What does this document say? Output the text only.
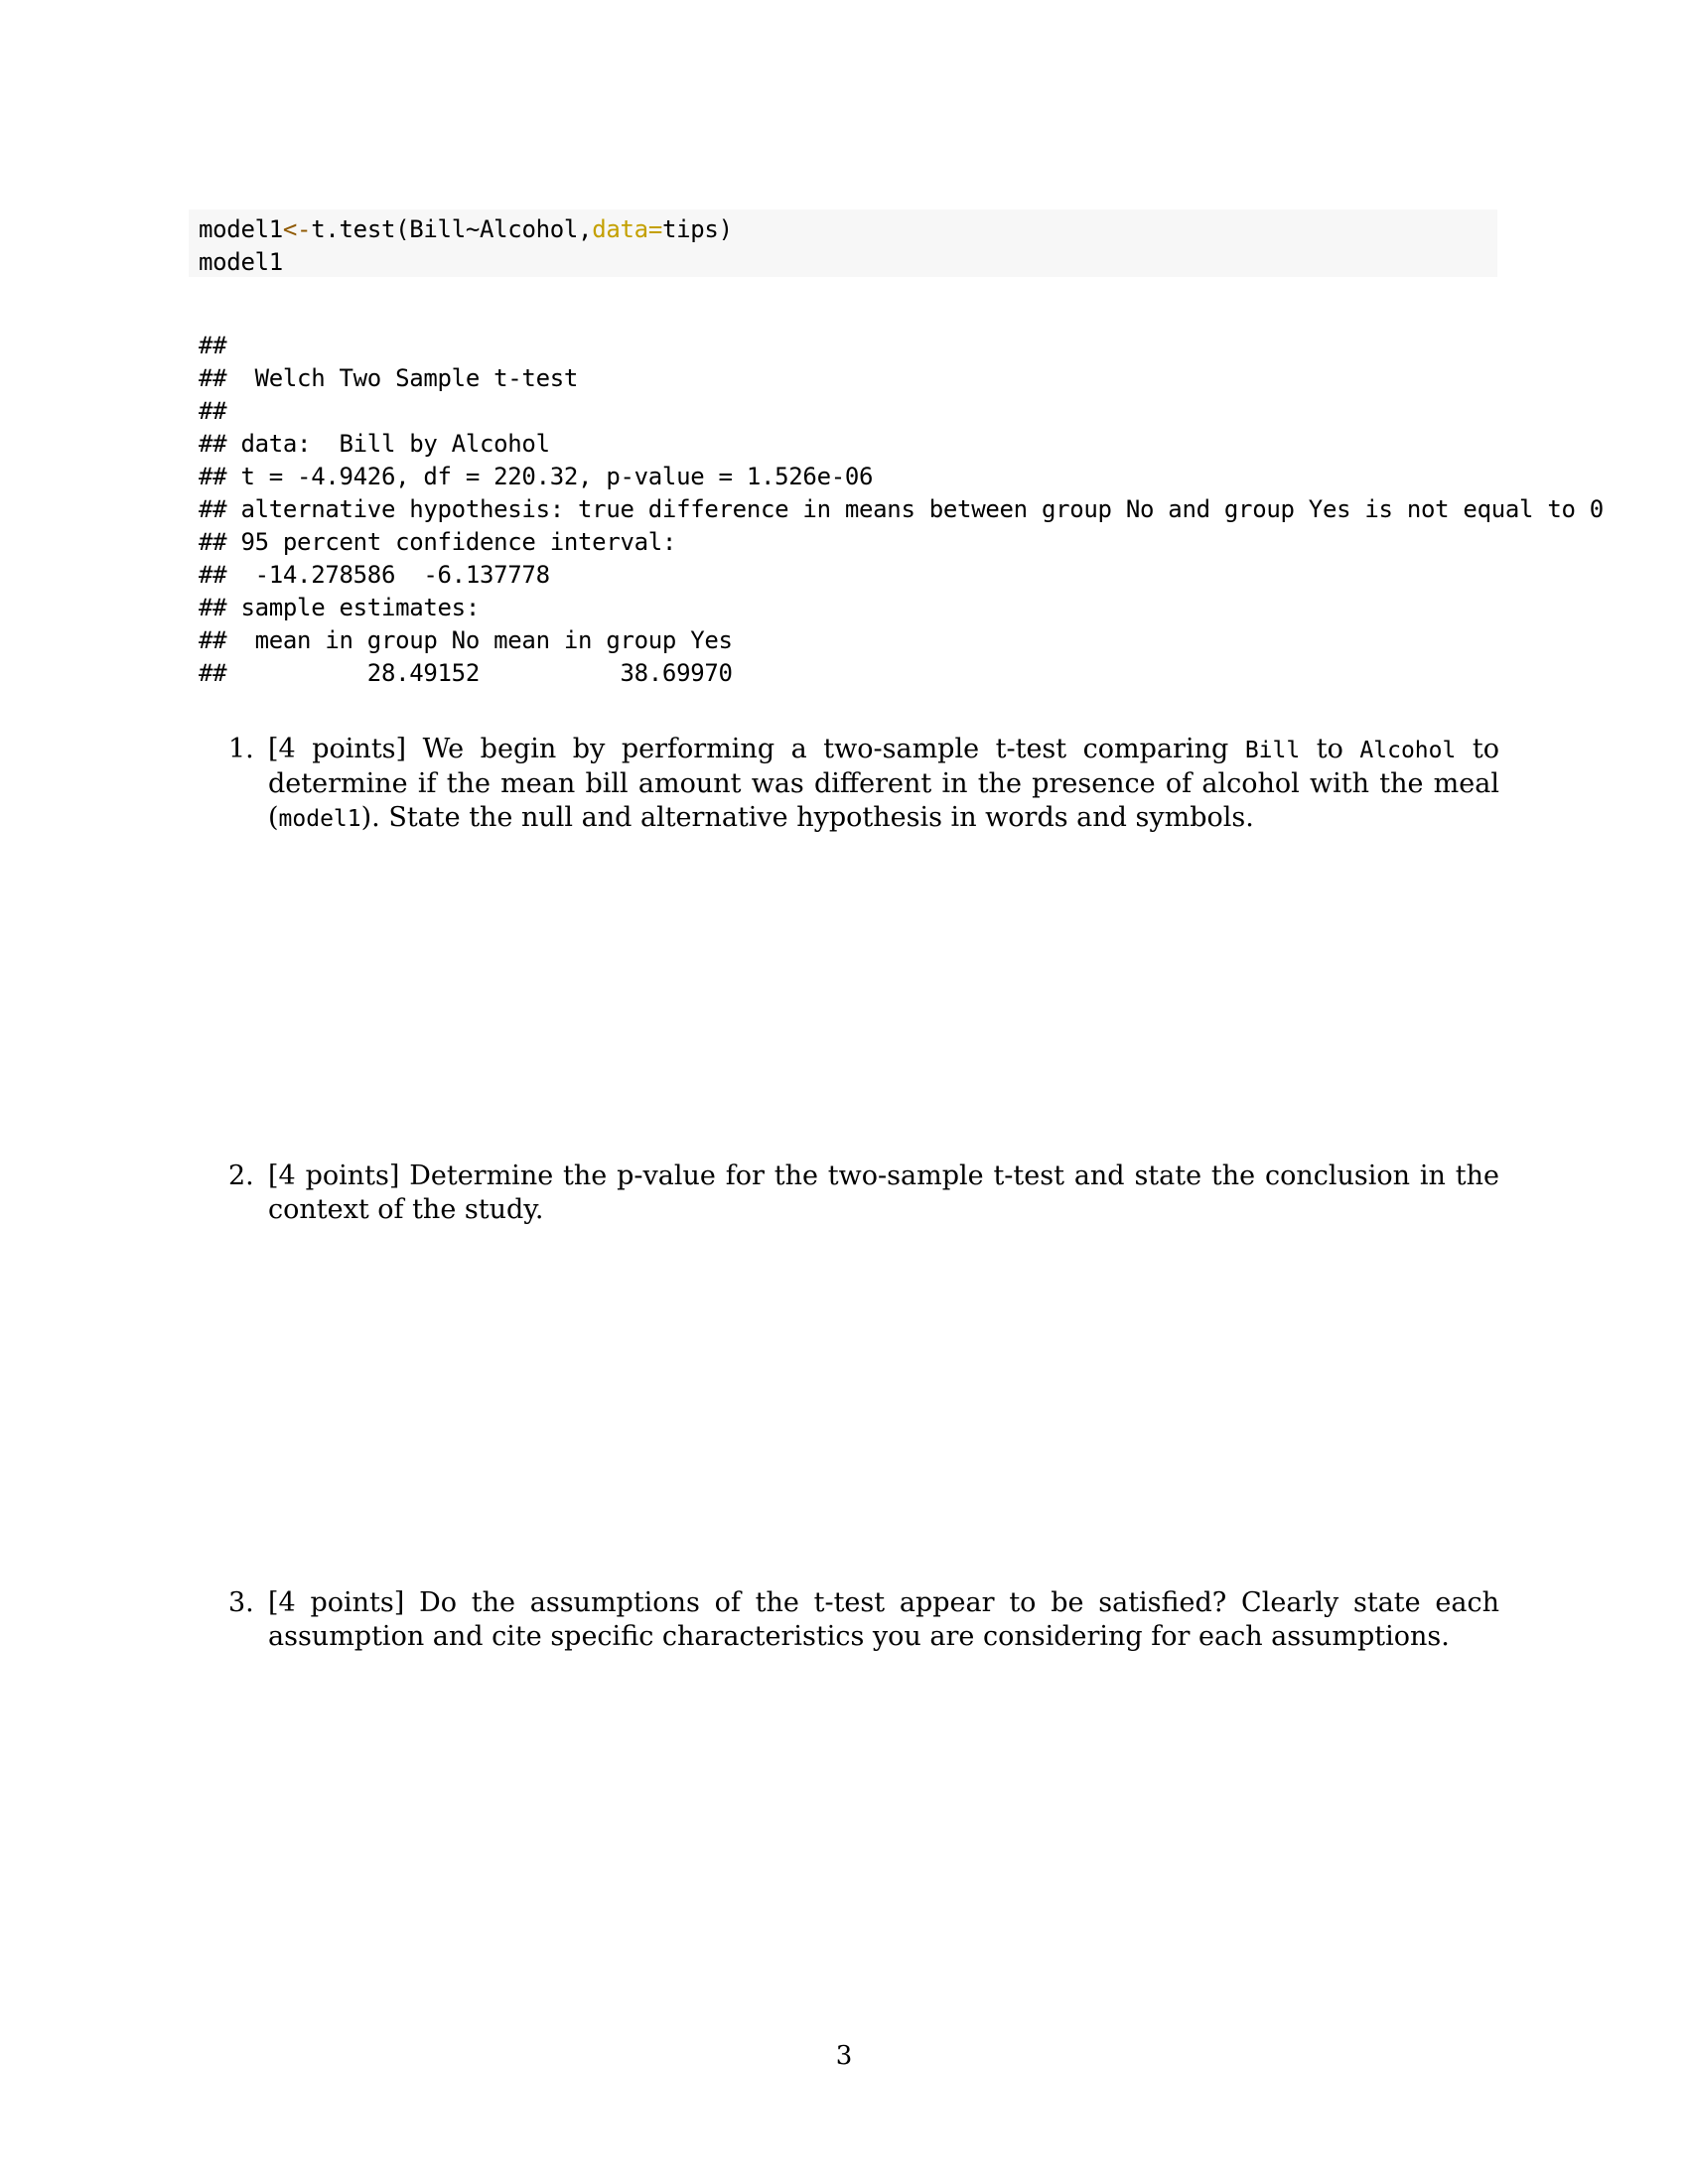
model1<-t.test(Bill~Alcohol,data=tips)
model1
##
##  Welch Two Sample t-test
##
## data:  Bill by Alcohol
## t = -4.9426, df = 220.32, p-value = 1.526e-06
## alternative hypothesis: true difference in means between group No and group Yes is not equal to 0
## 95 percent confidence interval:
##  -14.278586  -6.137778
## sample estimates:
##  mean in group No mean in group Yes
##          28.49152          38.69970
1. [4 points] We begin by performing a two-sample t-test comparing Bill to Alcohol to determine if the mean bill amount was different in the presence of alcohol with the meal (model1). State the null and alternative hypothesis in words and symbols.
2. [4 points] Determine the p-value for the two-sample t-test and state the conclusion in the context of the study.
3. [4 points] Do the assumptions of the t-test appear to be satisfied? Clearly state each assumption and cite specific characteristics you are considering for each assumptions.
3
